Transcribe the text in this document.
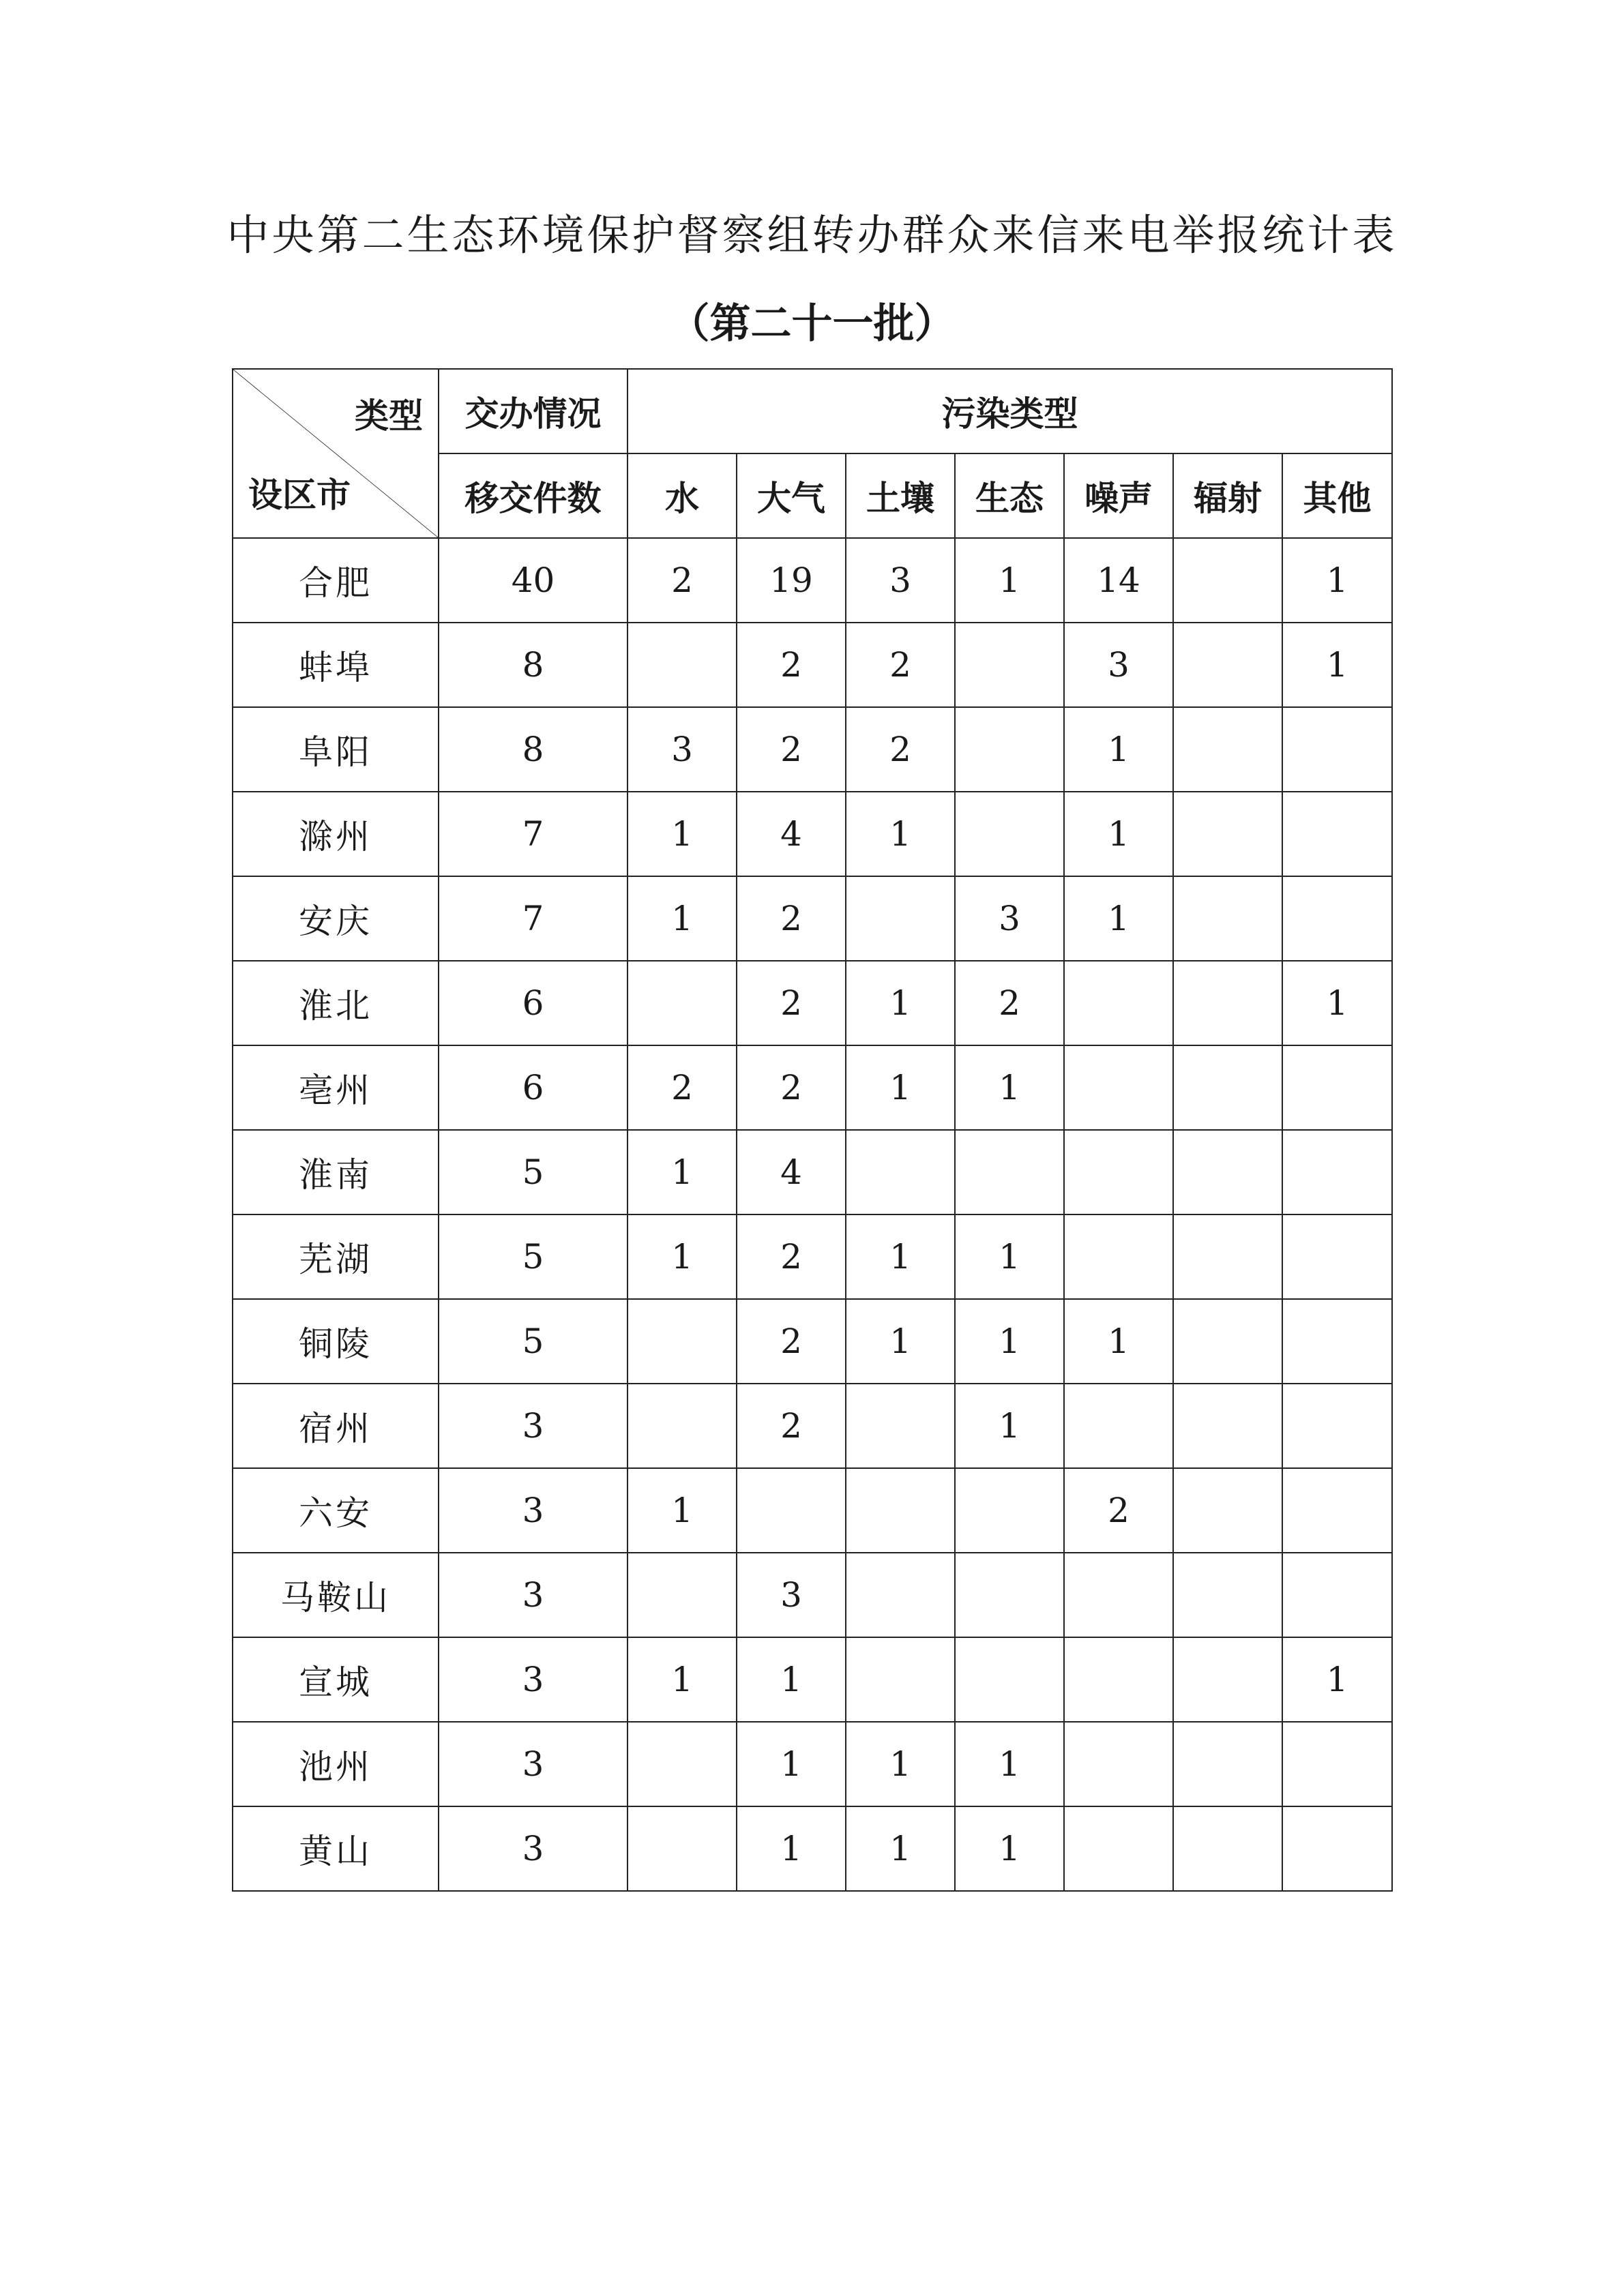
中央第二生态环境保护督察组转办群众来信来电举报统计表
（第二十一批）
类型
设区市	交办情况	污染类型						
	移交件数	水	大气	土壤	生态	噪声	辐射	其他
合肥	40	2	19	3	1	14		1
蚌埠	8		2	2		3		1
阜阳	8	3	2	2		1		
滁州	7	1	4	1		1		
安庆	7	1	2		3	1		
淮北	6		2	1	2			1
亳州	6	2	2	1	1			
淮南	5	1	4					
芜湖	5	1	2	1	1			
铜陵	5		2	1	1	1		
宿州	3		2		1			
六安	3	1				2		
马鞍山	3		3					
宣城	3	1	1					1
池州	3		1	1	1			
黄山	3		1	1	1			
